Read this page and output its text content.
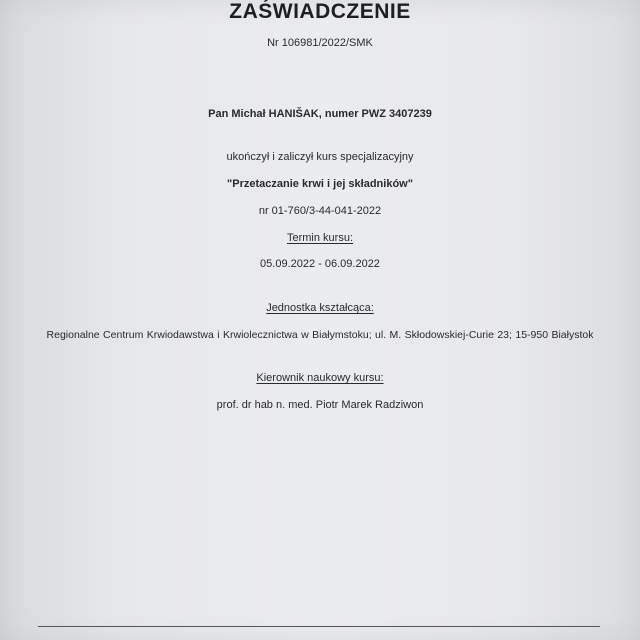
ZAŚWIADCZENIE
Nr 106981/2022/SMK
Pan Michał HANIŠAK, numer PWZ 3407239
ukończył i zaliczył kurs specjalizacyjny
"Przetaczanie krwi i jej składników"
nr 01-760/3-44-041-2022
Termin kursu:
05.09.2022 - 06.09.2022
Jednostka kształcąca:
Regionalne Centrum Krwiodawstwa i Krwiolecznictwa w Białymstoku; ul. M. Skłodowskiej-Curie 23; 15-950 Białystok
Kierownik naukowy kursu:
prof. dr hab n. med. Piotr Marek Radziwon
